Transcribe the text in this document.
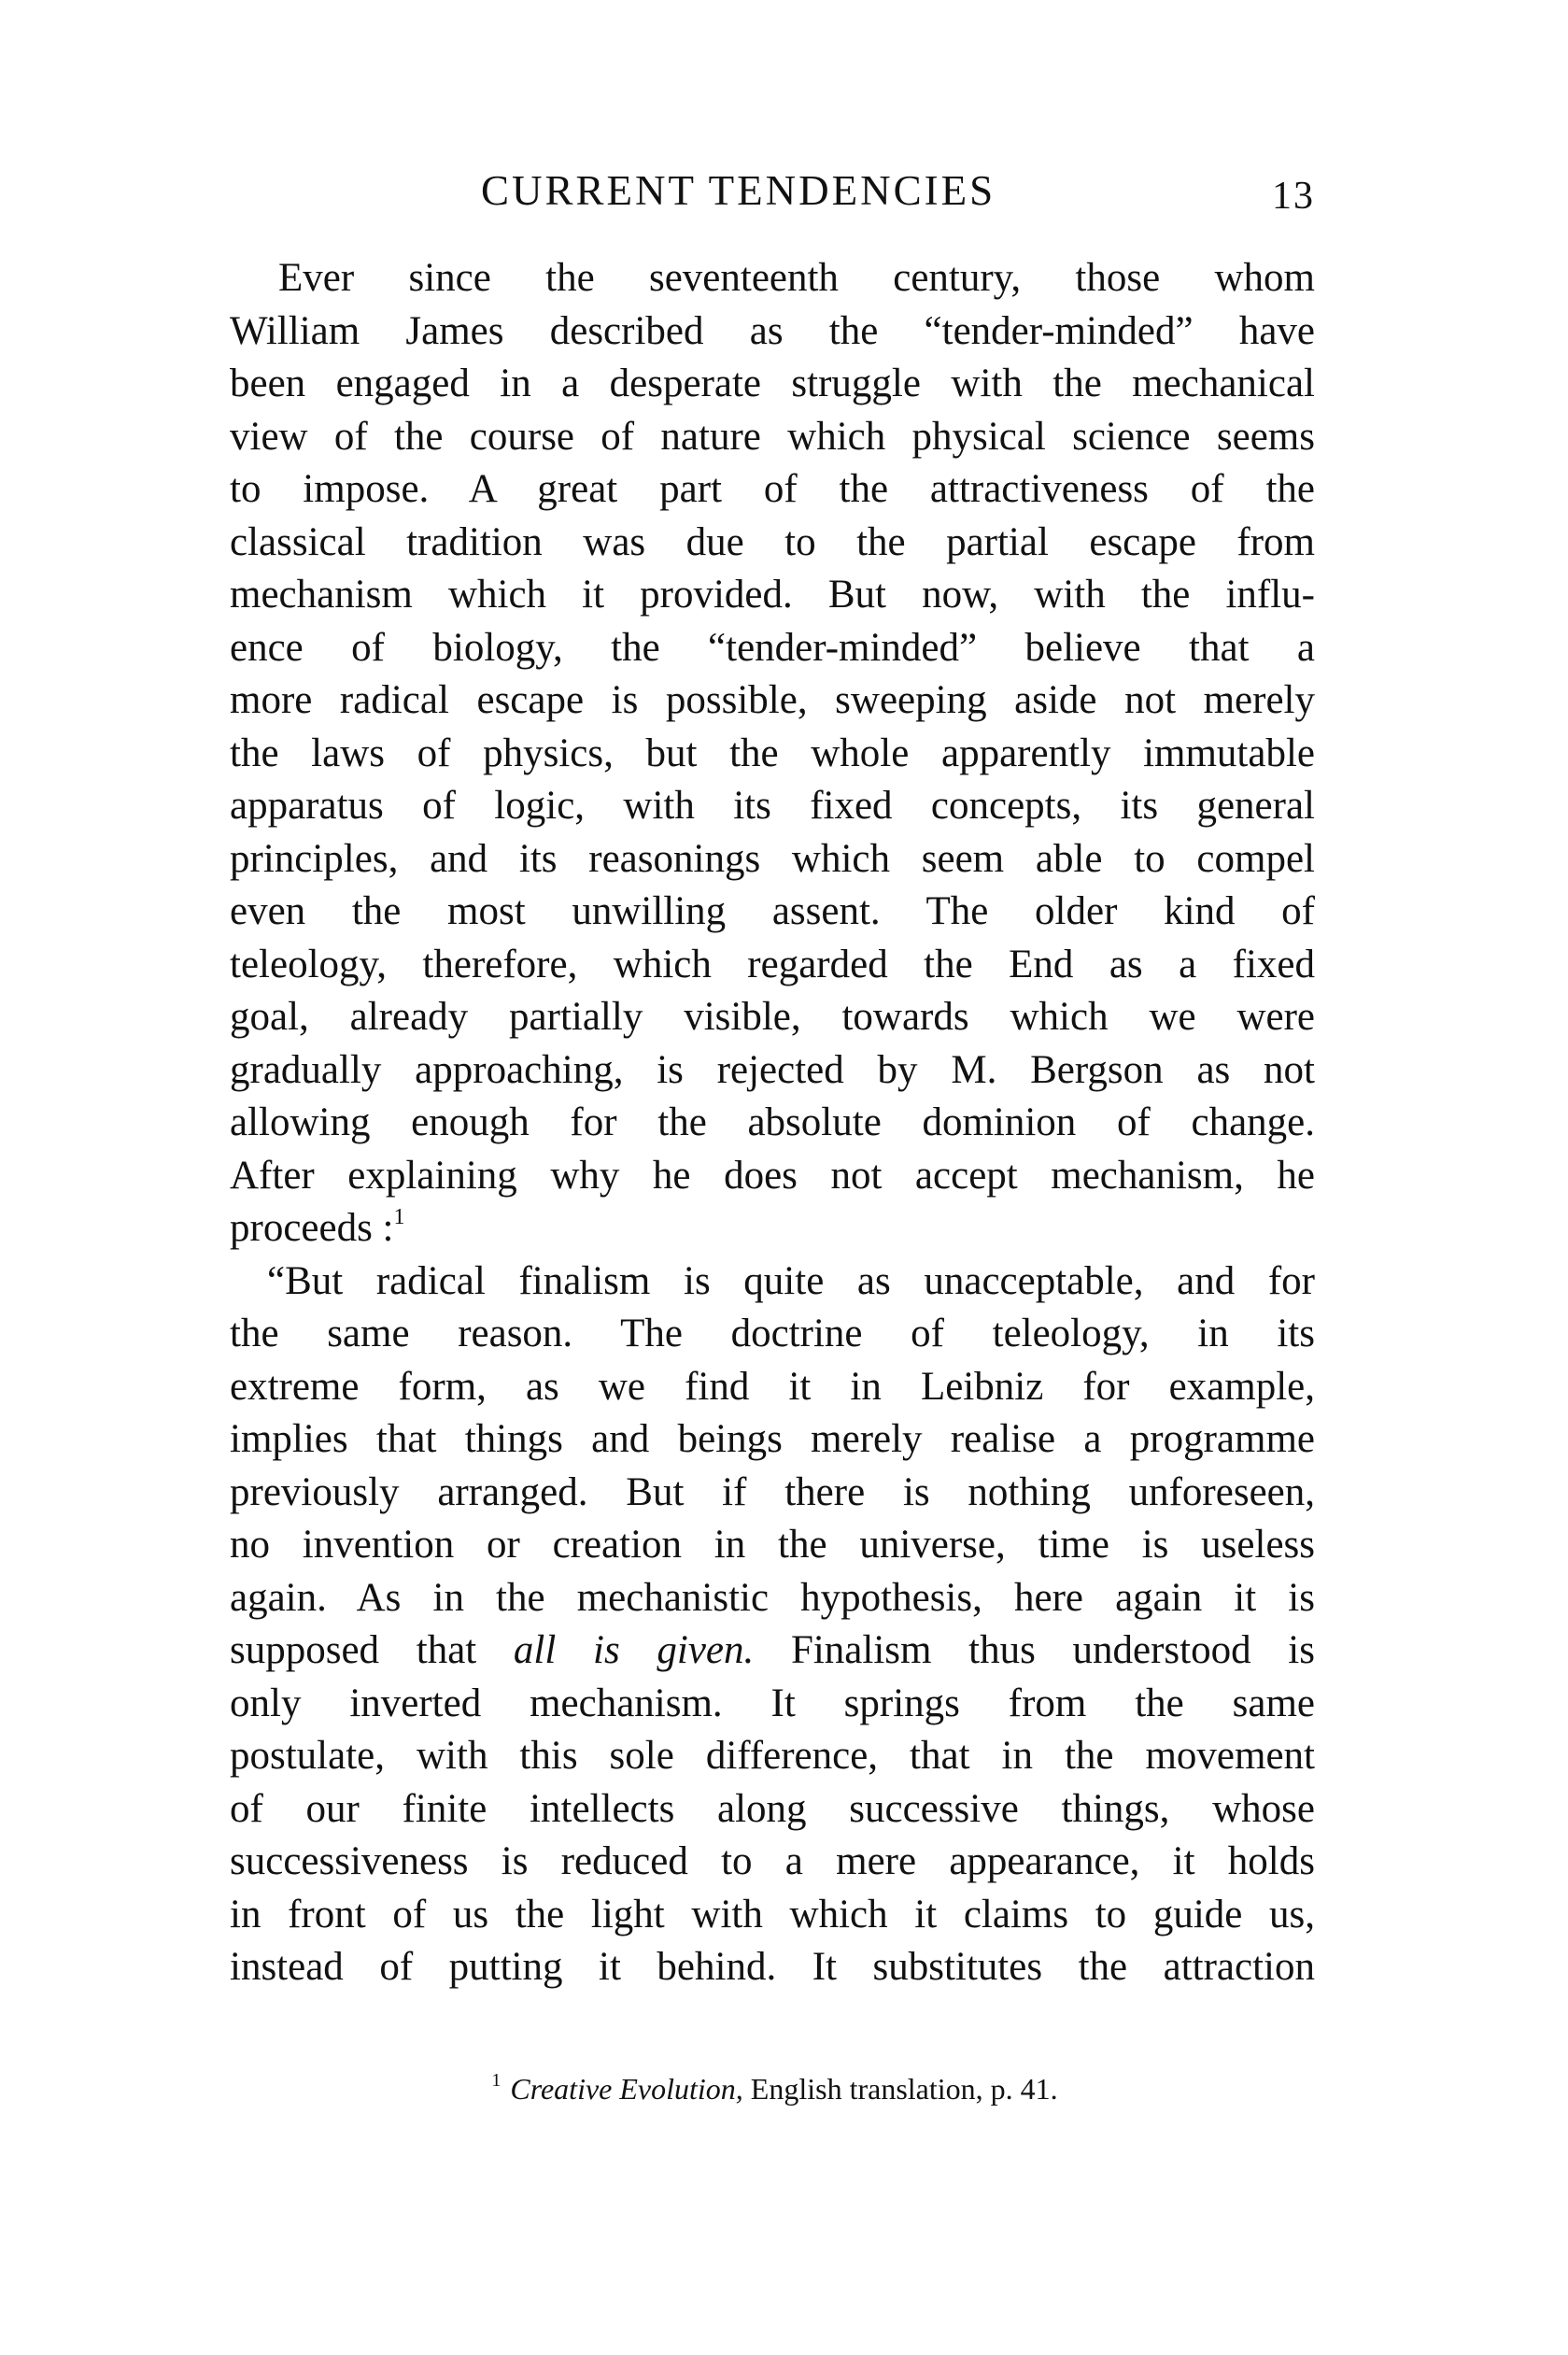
CURRENT TENDENCIES	13
Ever since the seventeenth century, those whom
William James described as the “tender-minded” have
been engaged in a desperate struggle with the mechanical
view of the course of nature which physical science seems
to impose. A great part of the attractiveness of the
classical tradition was due to the partial escape from
mechanism which it provided. But now, with the influ-
ence of biology, the “tender-minded” believe that a
more radical escape is possible, sweeping aside not merely
the laws of physics, but the whole apparently immutable
apparatus of logic, with its fixed concepts, its general
principles, and its reasonings which seem able to compel
even the most unwilling assent. The older kind of
teleology, therefore, which regarded the End as a fixed
goal, already partially visible, towards which we were
gradually approaching, is rejected by M. Bergson as not
allowing enough for the absolute dominion of change.
After explaining why he does not accept mechanism, he
proceeds :$^1$
“But radical finalism is quite as unacceptable, and for
the same reason. The doctrine of teleology, in its
extreme form, as we find it in Leibniz for example,
implies that things and beings merely realise a programme
previously arranged. But if there is nothing unforeseen,
no invention or creation in the universe, time is useless
again. As in the mechanistic hypothesis, here again it is
supposed that all is given. Finalism thus understood is
only inverted mechanism. It springs from the same
postulate, with this sole difference, that in the movement
of our finite intellects along successive things, whose
successiveness is reduced to a mere appearance, it holds
in front of us the light with which it claims to guide us,
instead of putting it behind. It substitutes the attraction
$^1$ Creative Evolution, English translation, p. 41.
